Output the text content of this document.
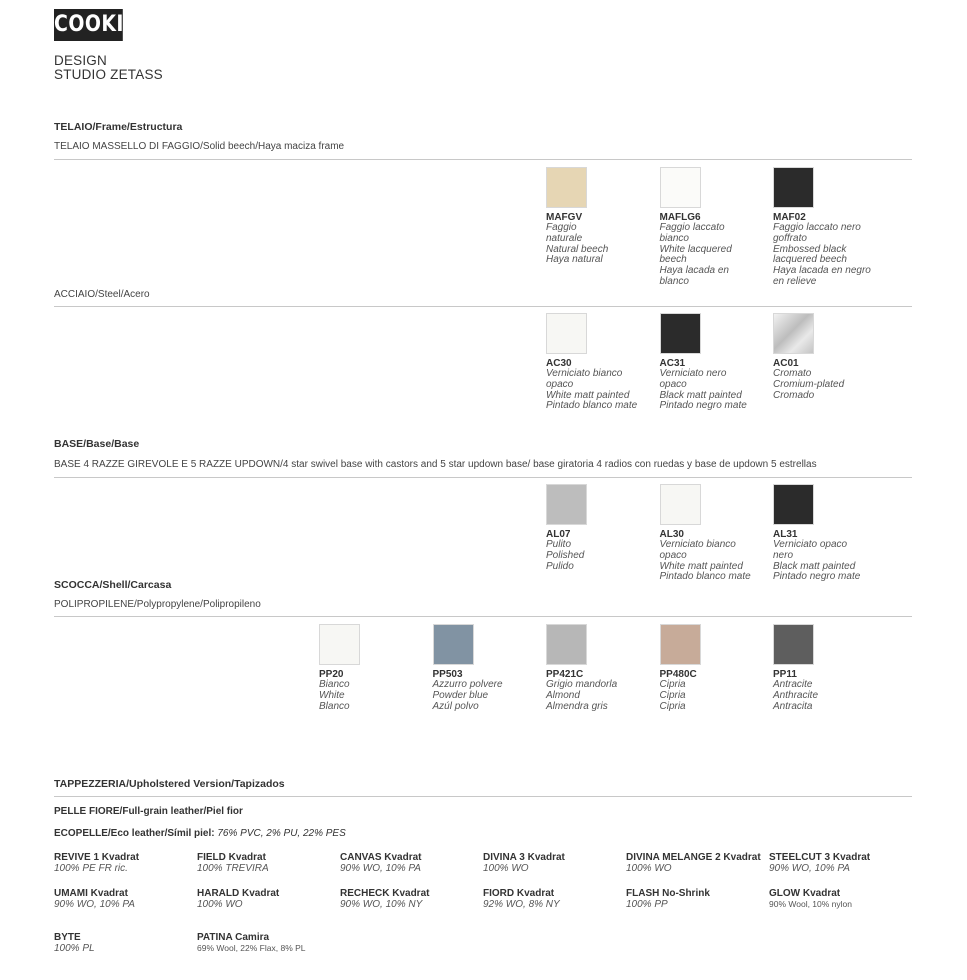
COOKIE
DESIGN
STUDIO ZETASS
TELAIO/Frame/Estructura
TELAIO MASSELLO DI FAGGIO/Solid beech/Haya maciza frame
MAFGV
Faggio
naturale
Natural beech
Haya natural
MAFLG6
Faggio laccato
bianco
White lacquered
beech
Haya lacada en
blanco
MAF02
Faggio laccato nero
goffrato
Embossed black
lacquered beech
Haya lacada en negro
en relieve
ACCIAIO/Steel/Acero
AC30
Verniciato bianco
opaco
White matt painted
Pintado blanco mate
AC31
Verniciato nero
opaco
Black matt painted
Pintado negro mate
AC01
Cromato
Cromium-plated
Cromado
BASE/Base/Base
BASE 4 RAZZE GIREVOLE E 5 RAZZE UPDOWN/4 star swivel base with castors and 5 star updown base/ base giratoria 4 radios con ruedas y base de updown 5 estrellas
AL07
Pulito
Polished
Pulido
AL30
Verniciato bianco
opaco
White matt painted
Pintado blanco mate
AL31
Verniciato opaco
nero
Black matt painted
Pintado negro mate
SCOCCA/Shell/Carcasa
POLIPROPILENE/Polypropylene/Polipropileno
PP20
Bianco
White
Blanco
PP503
Azzurro polvere
Powder blue
Azúl polvo
PP421C
Grigio mandorla
Almond
Almendra gris
PP480C
Cipria
Cipria
Cipria
PP11
Antracite
Anthracite
Antracita
TAPPEZZERIA/Upholstered Version/Tapizados
PELLE FIORE/Full-grain leather/Piel fior
ECOPELLE/Eco leather/Símil piel: 76% PVC, 2% PU, 22% PES
REVIVE 1 Kvadrat
100% PE FR ric.
FIELD Kvadrat
100% TREVIRA
CANVAS Kvadrat
90% WO, 10% PA
DIVINA 3 Kvadrat
100% WO
DIVINA MELANGE 2 Kvadrat
100% WO
STEELCUT 3 Kvadrat
90% WO, 10% PA
UMAMI Kvadrat
90% WO, 10% PA
HARALD Kvadrat
100% WO
RECHECK Kvadrat
90% WO, 10% NY
FIORD Kvadrat
92% WO, 8% NY
FLASH No-Shrink
100% PP
GLOW Kvadrat
90% Wool, 10% nylon
BYTE
100% PL
PATINA Camira
69% Wool, 22% Flax, 8% PL
